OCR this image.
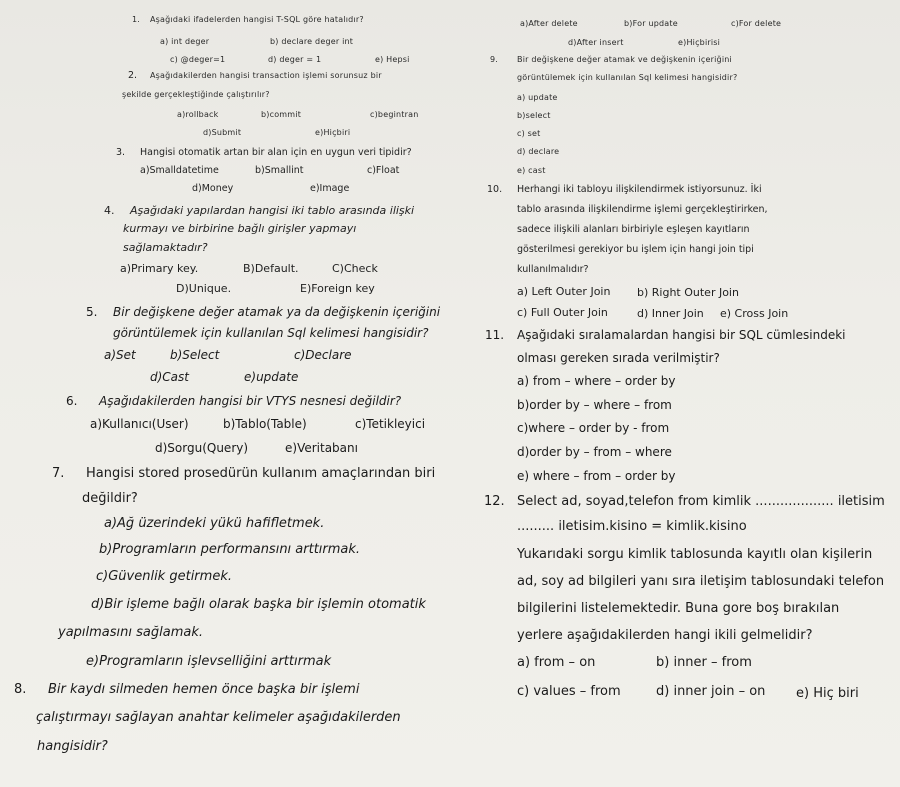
1. Aşağıdaki ifadelerden hangisi T-SQL göre hatalıdır?
a) int deger	b) declare deger int
c) @deger=1	d) deger = 1	e) Hepsi
2. Aşağıdakilerden hangisi transaction işlemi sorunsuz bir
şekilde gerçekleştiğinde çalıştırılır?
a)rollback	b)commit	c)begintran
d)Submit	e)Hiçbiri
3. Hangisi otomatik artan bir alan için en uygun veri tipidir?
a)Smalldatetime	b)Smallint	c)Float
d)Money	e)Image
4. Aşağıdaki yapılardan hangisi iki tablo arasında ilişki
kurmayı ve birbirine bağlı girişler yapmayı
sağlamaktadır?
a)Primary key.	B)Default.	C)Check
D)Unique.	E)Foreign key
5. Bir değişkene değer atamak ya da değişkenin içeriğini
görüntülemek için kullanılan Sql kelimesi hangisidir?
a)Set	b)Select	c)Declare
d)Cast	e)update
6. Aşağıdakilerden hangisi bir VTYS nesnesi değildir?
a)Kullanıcı(User)	b)Tablo(Table)	c)Tetikleyici
d)Sorgu(Query)	e)Veritabanı
7. Hangisi stored prosedürün kullanım amaçlarından biri
değildir?
a)Ağ üzerindeki yükü hafifletmek.
b)Programların performansını arttırmak.
c)Güvenlik getirmek.
d)Bir işleme bağlı olarak başka bir işlemin otomatik
yapılmasını sağlamak.
e)Programların işlevselliğini arttırmak
8. Bir kaydı silmeden hemen önce başka bir işlemi
çalıştırmayı sağlayan anahtar kelimeler aşağıdakilerden
hangisidir?
a)After delete	b)For update	c)For delete
d)After insert	e)Hiçbirisi
9. Bir değişkene değer atamak ve değişkenin içeriğini
görüntülemek için kullanılan Sql kelimesi hangisidir?
a) update
b)select
c) set
d) declare
e) cast
10. Herhangi iki tabloyu ilişkilendirmek istiyorsunuz. İki
tablo arasında ilişkilendirme işlemi gerçekleştirirken,
sadece ilişkili alanları birbiriyle eşleşen kayıtların
gösterilmesi gerekiyor bu işlem için hangi join tipi
kullanılmalıdır?
a) Left Outer Join b) Right Outer Join
c) Full Outer Join	d) Inner Join e) Cross Join
11. Aşağıdaki sıralamalardan hangisi bir SQL cümlesindeki
olması gereken sırada verilmiştir?
a) from – where – order by
b)order by – where – from
c)where – order by - from
d)order by – from – where
e) where – from – order by
12. Select ad, soyad,telefon from kimlik ................... iletisim
......... iletisim.kisino = kimlik.kisino
Yukarıdaki sorgu kimlik tablosunda kayıtlı olan kişilerin
ad, soy ad bilgileri yanı sıra iletişim tablosundaki telefon
bilgilerini listelemektedir. Buna gore boş bırakılan
yerlere aşağıdakilerden hangi ikili gelmelidir?
a) from – on	b) inner – from
c) values – from	d) inner join – on e) Hiç biri
